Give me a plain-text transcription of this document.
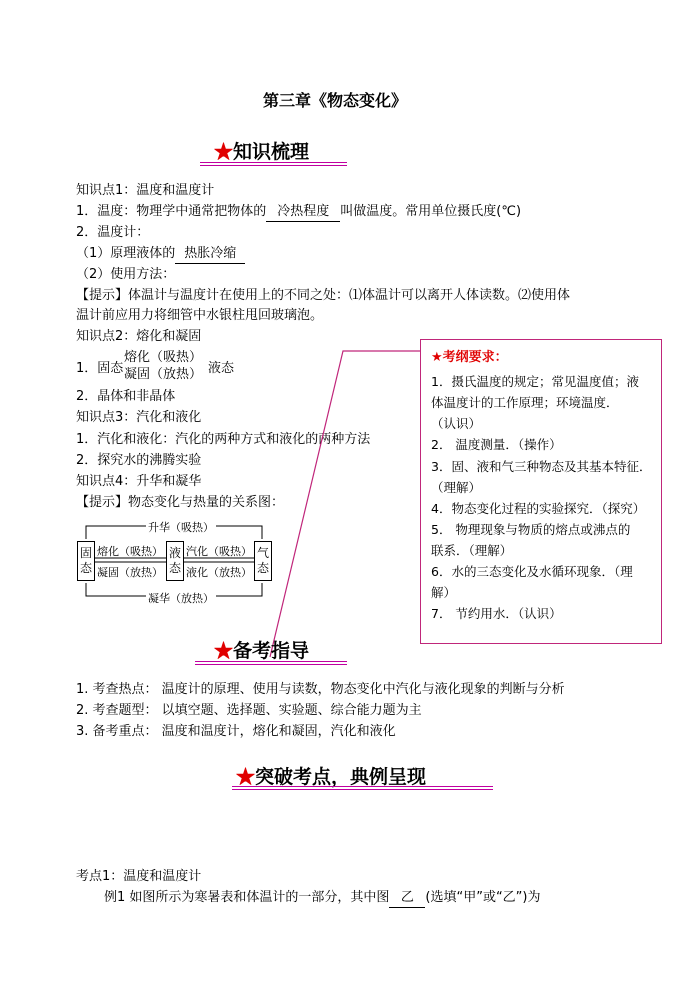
第三章《物态变化》
★知识梳理
知识点1：温度和温度计
1．温度：物理学中通常把物体的 冷热程度 叫做温度。常用单位摄氏度(℃)
2．温度计：
（1）原理液体的 热胀冷缩
（2）使用方法：
【提示】体温计与温度计在使用上的不同之处：⑴体温计可以离开人体读数。⑵使用体
温计前应用力将细管中水银柱甩回玻璃泡。
知识点2：熔化和凝固
1．固态
熔化（吸热）
凝固（放热） 液态
2．晶体和非晶体
知识点3：汽化和液化
1．汽化和液化：汽化的两种方式和液化的两种方法
2．探究水的沸腾实验
知识点4：升华和凝华
【提示】物态变化与热量的关系图：
升华（吸热）
凝华（放热）
固态
液态
气态
熔化（吸热）
凝固（放热）
汽化（吸热）
液化（放热）
★考纲要求：
1．摄氏温度的规定；常见温度值；液
体温度计的工作原理；环境温度．
（认识）
2． 温度测量．（操作）
3．固、液和气三种物态及其基本特征．
（理解）
4．物态变化过程的实验探究．（探究）
5． 物理现象与物质的熔点或沸点的
联系．（理解）
6．水的三态变化及水循环现象．（理
解）
7． 节约用水．（认识）
★备考指导
1. 考查热点： 温度计的原理、使用与读数，物态变化中汽化与液化现象的判断与分析
2. 考查题型： 以填空题、选择题、实验题、综合能力题为主
3. 备考重点： 温度和温度计，熔化和凝固，汽化和液化
★突破考点，典例呈现
考点1：温度和温度计
例1 如图所示为寒暑表和体温计的一部分，其中图 乙 (选填“甲”或“乙”)为
